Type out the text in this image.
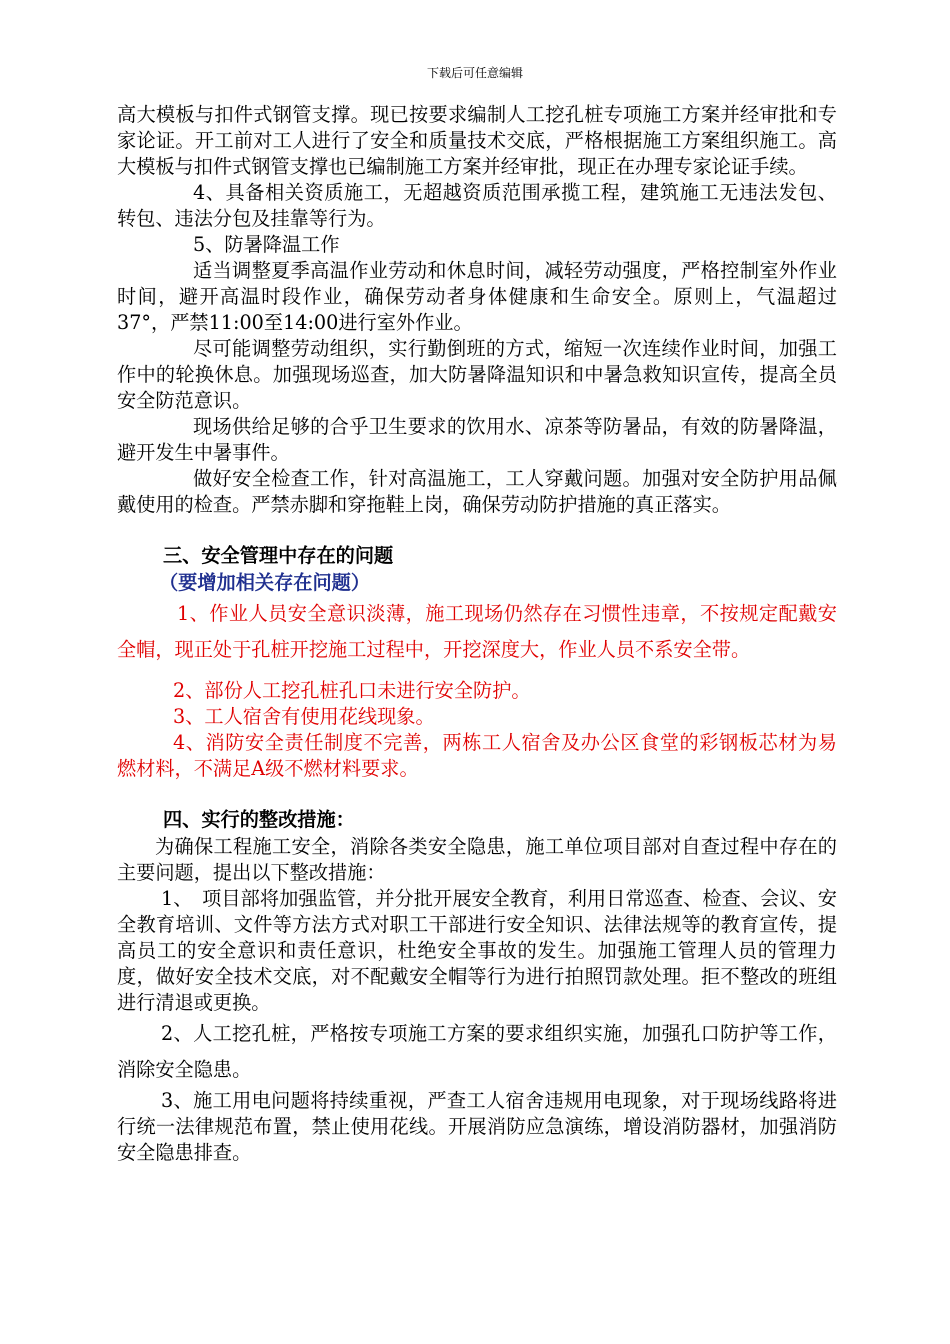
下载后可任意编辑

高大模板与扣件式钢管支撑。现已按要求编制人工挖孔桩专项施工方案并经审批和专家论证。开工前对工人进行了安全和质量技术交底，严格根据施工方案组织施工。高大模板与扣件式钢管支撑也已编制施工方案并经审批，现正在办理专家论证手续。

4、具备相关资质施工，无超越资质范围承揽工程，建筑施工无违法发包、转包、违法分包及挂靠等行为。

5、防暑降温工作

适当调整夏季高温作业劳动和休息时间，减轻劳动强度，严格控制室外作业时间，避开高温时段作业，确保劳动者身体健康和生命安全。原则上，气温超过37°，严禁11:00至14:00进行室外作业。

尽可能调整劳动组织，实行勤倒班的方式，缩短一次连续作业时间，加强工作中的轮换休息。加强现场巡查，加大防暑降温知识和中暑急救知识宣传，提高全员安全防范意识。

现场供给足够的合乎卫生要求的饮用水、凉茶等防暑品，有效的防暑降温，避开发生中暑事件。

做好安全检查工作，针对高温施工，工人穿戴问题。加强对安全防护用品佩戴使用的检查。严禁赤脚和穿拖鞋上岗，确保劳动防护措施的真正落实。

三、安全管理中存在的问题

（要增加相关存在问题）

1、作业人员安全意识淡薄，施工现场仍然存在习惯性违章，不按规定配戴安全帽，现正处于孔桩开挖施工过程中，开挖深度大，作业人员不系安全带。

2、部份人工挖孔桩孔口未进行安全防护。

3、工人宿舍有使用花线现象。

4、消防安全责任制度不完善，两栋工人宿舍及办公区食堂的彩钢板芯材为易燃材料，不满足A级不燃材料要求。

四、实行的整改措施：

为确保工程施工安全，消除各类安全隐患，施工单位项目部对自查过程中存在的主要问题，提出以下整改措施：

1、　项目部将加强监管，并分批开展安全教育，利用日常巡查、检查、会议、安全教育培训、文件等方法方式对职工干部进行安全知识、法律法规等的教育宣传，提高员工的安全意识和责任意识，杜绝安全事故的发生。加强施工管理人员的管理力度，做好安全技术交底，对不配戴安全帽等行为进行拍照罚款处理。拒不整改的班组进行清退或更换。

2、人工挖孔桩，严格按专项施工方案的要求组织实施，加强孔口防护等工作，消除安全隐患。

3、施工用电问题将持续重视，严查工人宿舍违规用电现象，对于现场线路将进行统一法律规范布置，禁止使用花线。开展消防应急演练，增设消防器材，加强消防安全隐患排查。
